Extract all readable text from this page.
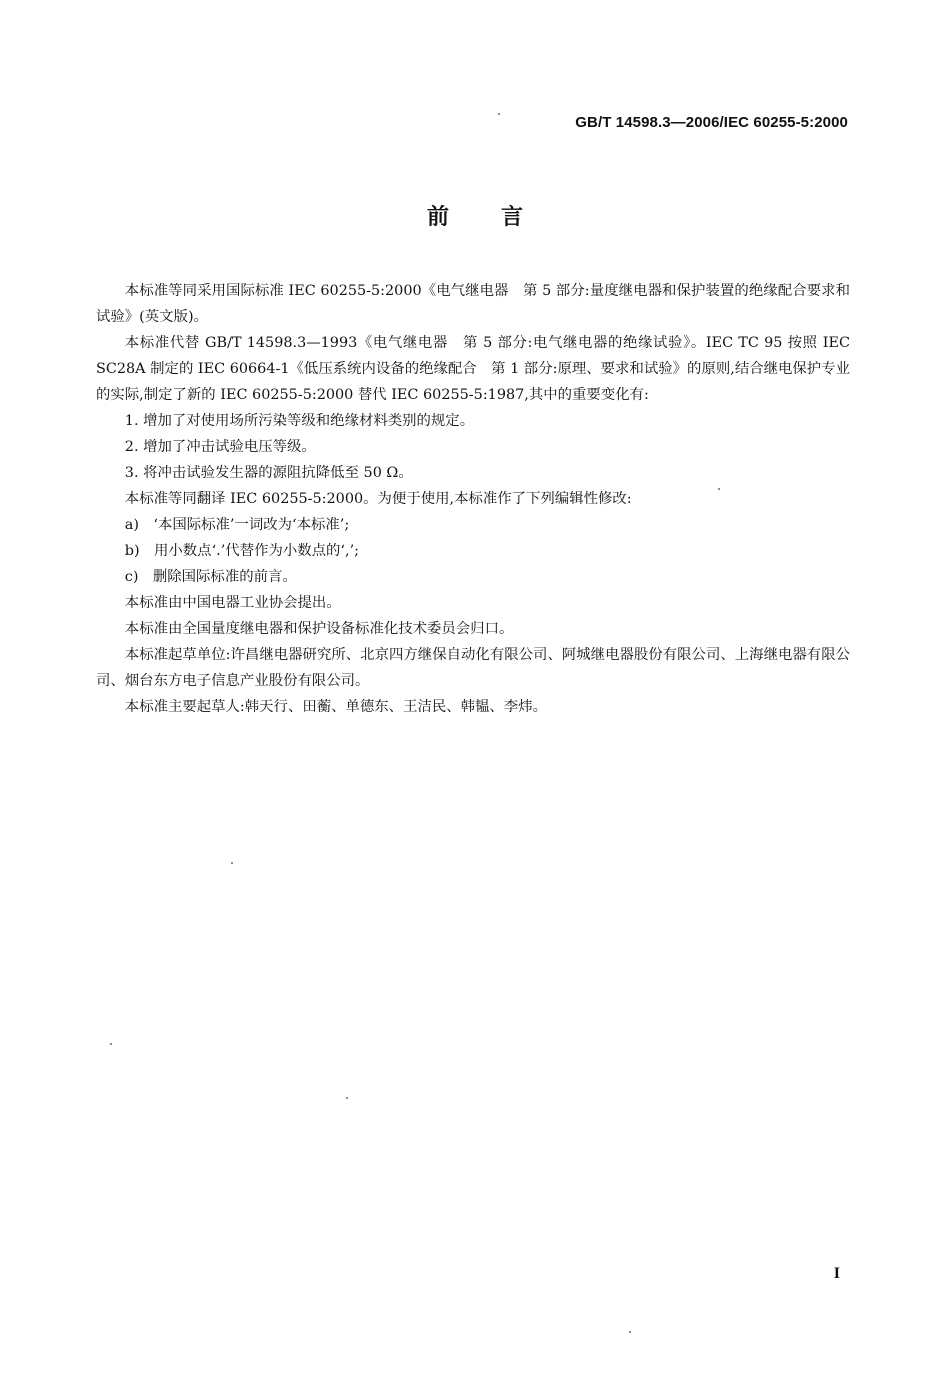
GB/T 14598.3—2006/IEC 60255-5:2000
前言

本标准等同采用国际标准 IEC 60255-5:2000《电气继电器　第 5 部分:量度继电器和保护装置的绝缘配合要求和试验》(英文版)。

本标准代替 GB/T 14598.3—1993《电气继电器　第 5 部分:电气继电器的绝缘试验》。IEC TC 95 按照 IEC SC28A 制定的 IEC 60664-1《低压系统内设备的绝缘配合　第 1 部分:原理、要求和试验》的原则,结合继电保护专业的实际,制定了新的 IEC 60255-5:2000 替代 IEC 60255-5:1987,其中的重要变化有:

1. 增加了对使用场所污染等级和绝缘材料类别的规定。

2. 增加了冲击试验电压等级。

3. 将冲击试验发生器的源阻抗降低至 50 Ω。

本标准等同翻译 IEC 60255-5:2000。为便于使用,本标准作了下列编辑性修改:

a)　‘本国际标准’一词改为‘本标准’;

b)　用小数点‘.’代替作为小数点的‘,’;

c)　删除国际标准的前言。

本标准由中国电器工业协会提出。

本标准由全国量度继电器和保护设备标准化技术委员会归口。

本标准起草单位:许昌继电器研究所、北京四方继保自动化有限公司、阿城继电器股份有限公司、上海继电器有限公司、烟台东方电子信息产业股份有限公司。

本标准主要起草人:韩天行、田蘅、单德东、王洁民、韩韫、李炜。

I
